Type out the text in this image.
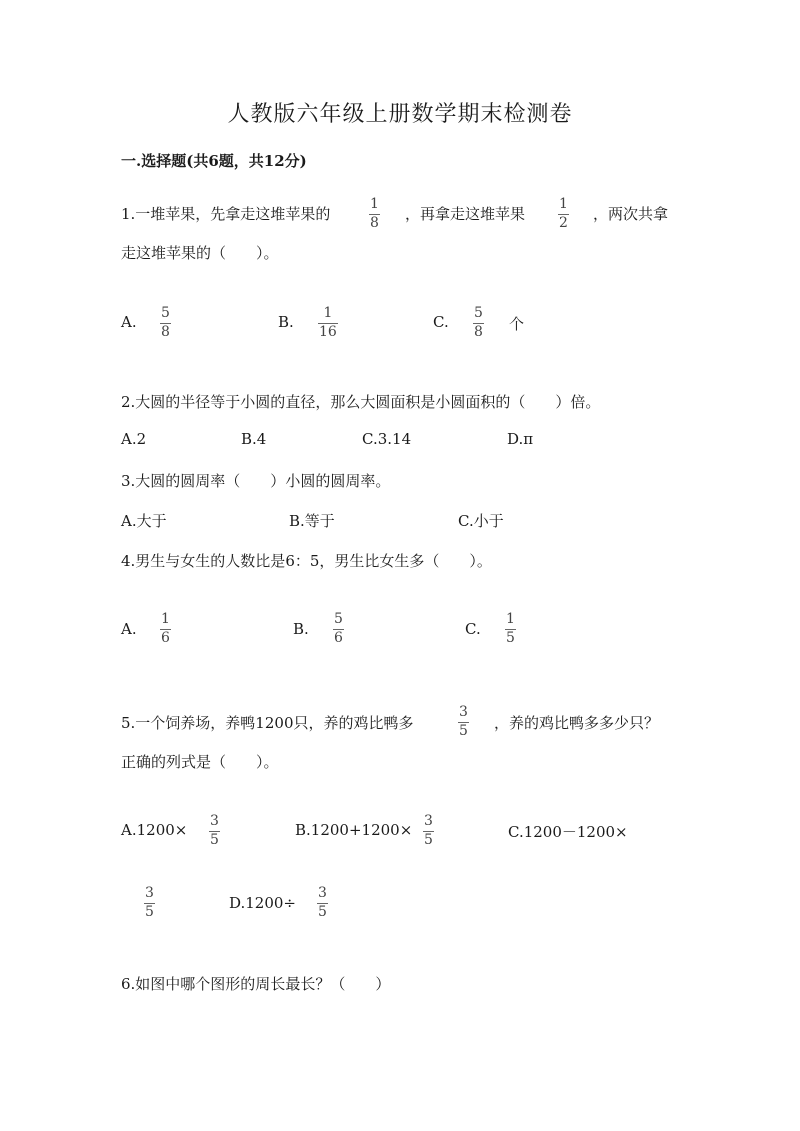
人教版六年级上册数学期末检测卷
一.选择题(共6题，共12分)
1.一堆苹果，先拿走这堆苹果的
1
8 ，再拿走这堆苹果
1
2 ，两次共拿
走这堆苹果的（　　）。
A. 5
8
B. 1
16
C. 5
8 个
2.大圆的半径等于小圆的直径，那么大圆面积是小圆面积的（　　）倍。
A.2	B.4	C.3.14	D.π
3.大圆的圆周率（　　）小圆的圆周率。
A.大于	B.等于	C.小于
4.男生与女生的人数比是6：5，男生比女生多（　　）。
A.
1
6	B.
5
6	C.
1
5
5.一个饲养场，养鸭1200只，养的鸡比鸭多
3
5 ，养的鸡比鸭多多少只？
正确的列式是（　　）。
A.1200× 3
5
B.1200+1200× 3
5	C.1200－1200×
3
5	D.1200÷
3
5
6.如图中哪个图形的周长最长？（　　）
